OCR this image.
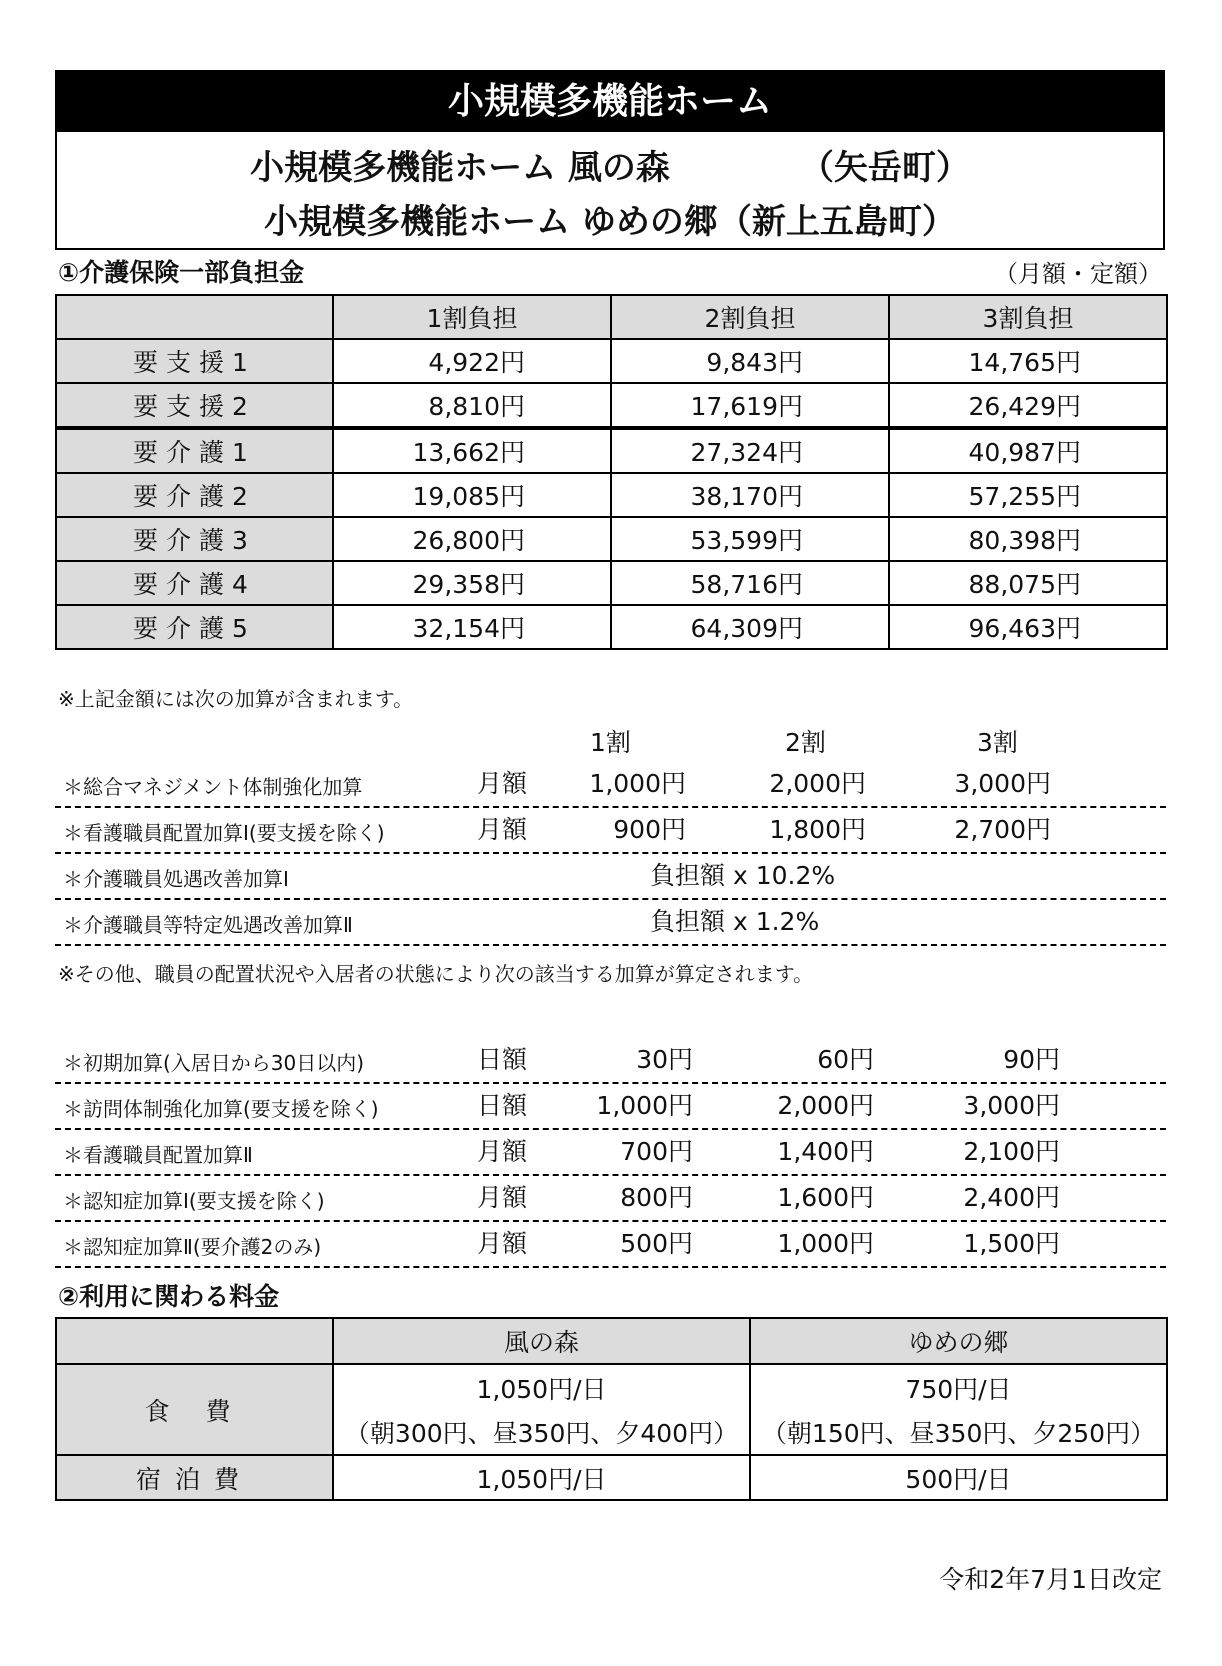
小規模多機能ホーム
小規模多機能ホーム 風の森	（矢岳町）
小規模多機能ホーム ゆめの郷（新上五島町）
①介護保険一部負担金	（月額・定額）
	1割負担	2割負担	3割負担
要支援1	4,922円	9,843円	14,765円
要支援2	8,810円	17,619円	26,429円
要介護1	13,662円	27,324円	40,987円
要介護2	19,085円	38,170円	57,255円
要介護3	26,800円	53,599円	80,398円
要介護4	29,358円	58,716円	88,075円
要介護5	32,154円	64,309円	96,463円
※上記金額には次の加算が含まれます。
1割	2割	3割
＊総合マネジメント体制強化加算	月額 1,000円	2,000円	3,000円
＊看護職員配置加算Ⅰ(要支援を除く)	月額	900円	1,800円	2,700円
＊介護職員処遇改善加算Ⅰ	負担額 x 10.2%
＊介護職員等特定処遇改善加算Ⅱ	負担額 x 1.2%
※その他、職員の配置状況や入居者の状態により次の該当する加算が算定されます。
＊初期加算(入居日から30日以内)	日額	30円	60円	90円
＊訪問体制強化加算(要支援を除く)	日額	1,000円	2,000円	3,000円
＊看護職員配置加算Ⅱ	月額	700円	1,400円	2,100円
＊認知症加算Ⅰ(要支援を除く)	月額	800円	1,600円	2,400円
＊認知症加算Ⅱ(要介護2のみ)	月額	500円	1,000円	1,500円
②利用に関わる料金
	風の森	ゆめの郷
食 費	1,050円/日	750円/日
	（朝300円、昼350円、夕400円）	（朝150円、昼350円、夕250円）
宿泊費	1,050円/日	500円/日
令和2年7月1日改定
